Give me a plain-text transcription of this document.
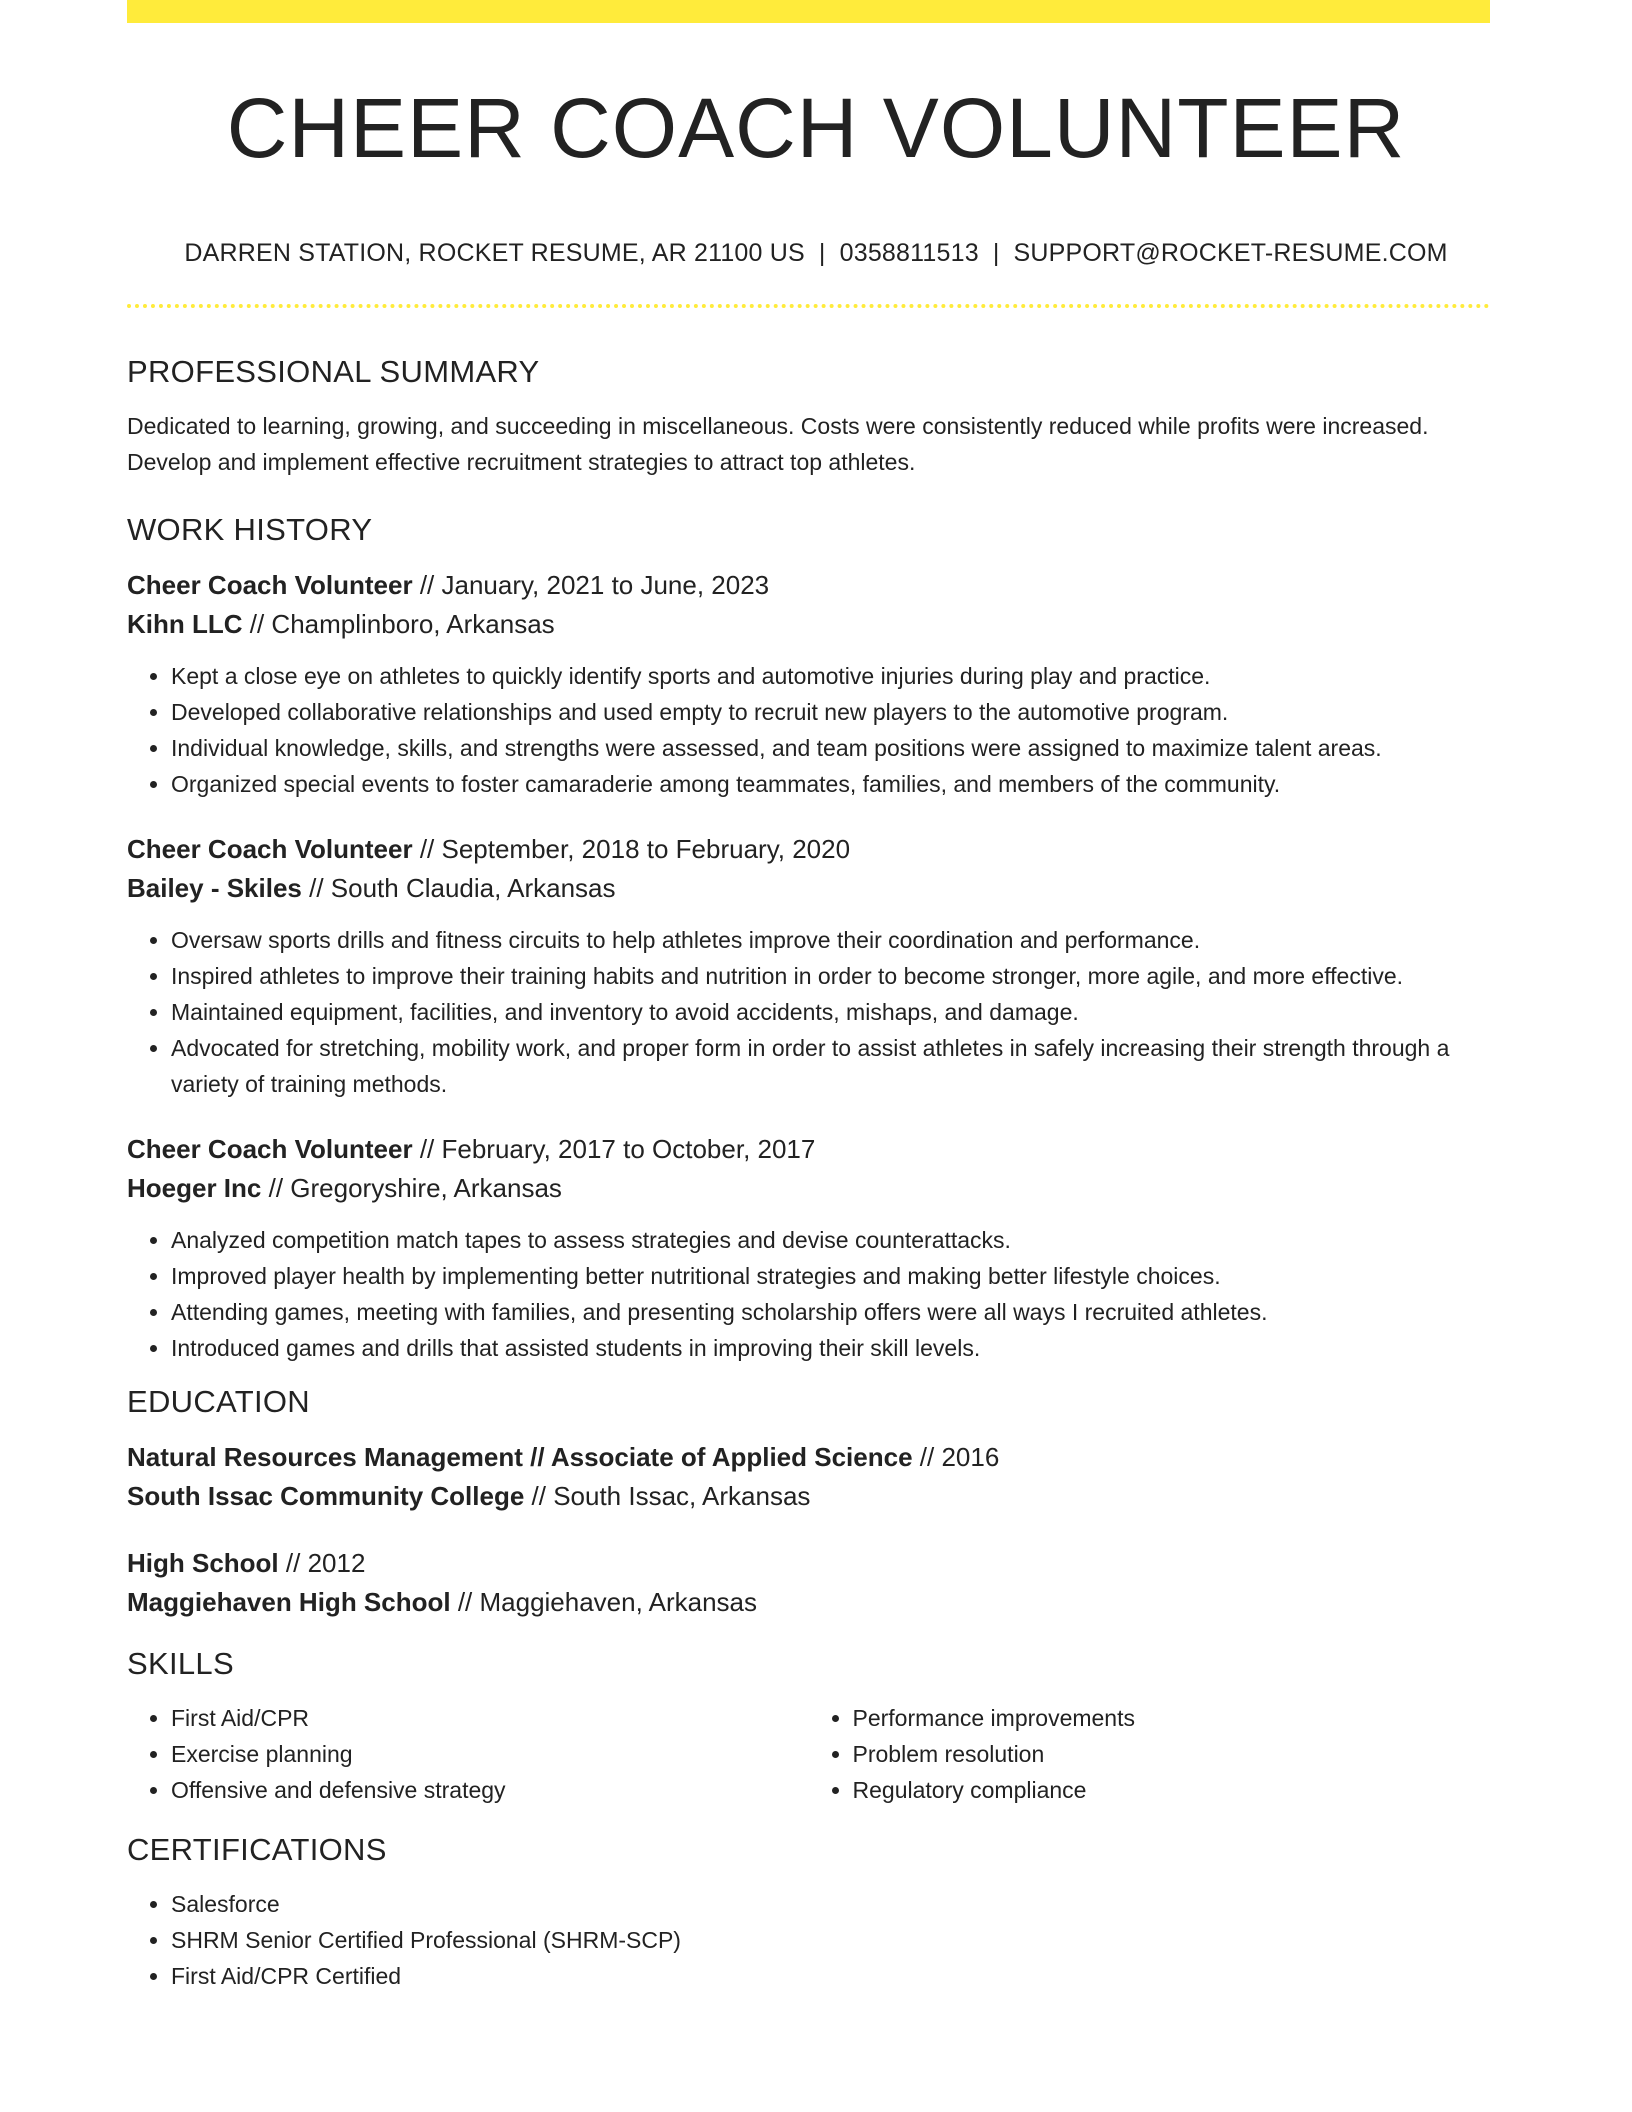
CHEER COACH VOLUNTEER
DARREN STATION, ROCKET RESUME, AR 21100 US | 0358811513 | SUPPORT@ROCKET-RESUME.COM
PROFESSIONAL SUMMARY

Dedicated to learning, growing, and succeeding in miscellaneous. Costs were consistently reduced while profits were increased. Develop and implement effective recruitment strategies to attract top athletes.

WORK HISTORY

Cheer Coach Volunteer // January, 2021 to June, 2023

Kihn LLC // Champlinboro, Arkansas

• Kept a close eye on athletes to quickly identify sports and automotive injuries during play and practice.
• Developed collaborative relationships and used empty to recruit new players to the automotive program.
• Individual knowledge, skills, and strengths were assessed, and team positions were assigned to maximize talent areas.
• Organized special events to foster camaraderie among teammates, families, and members of the community.

Cheer Coach Volunteer // September, 2018 to February, 2020

Bailey - Skiles // South Claudia, Arkansas

• Oversaw sports drills and fitness circuits to help athletes improve their coordination and performance.
• Inspired athletes to improve their training habits and nutrition in order to become stronger, more agile, and more effective.
• Maintained equipment, facilities, and inventory to avoid accidents, mishaps, and damage.
• Advocated for stretching, mobility work, and proper form in order to assist athletes in safely increasing their strength through a variety of training methods.

Cheer Coach Volunteer // February, 2017 to October, 2017

Hoeger Inc // Gregoryshire, Arkansas

• Analyzed competition match tapes to assess strategies and devise counterattacks.
• Improved player health by implementing better nutritional strategies and making better lifestyle choices.
• Attending games, meeting with families, and presenting scholarship offers were all ways I recruited athletes.
• Introduced games and drills that assisted students in improving their skill levels.
EDUCATION

Natural Resources Management // Associate of Applied Science // 2016

South Issac Community College // South Issac, Arkansas

High School // 2012

Maggiehaven High School // Maggiehaven, Arkansas

SKILLS
• First Aid/CPR
• Exercise planning
• Offensive and defensive strategy
• Performance improvements
• Problem resolution
• Regulatory compliance
CERTIFICATIONS
• Salesforce
• SHRM Senior Certified Professional (SHRM-SCP)
• First Aid/CPR Certified
